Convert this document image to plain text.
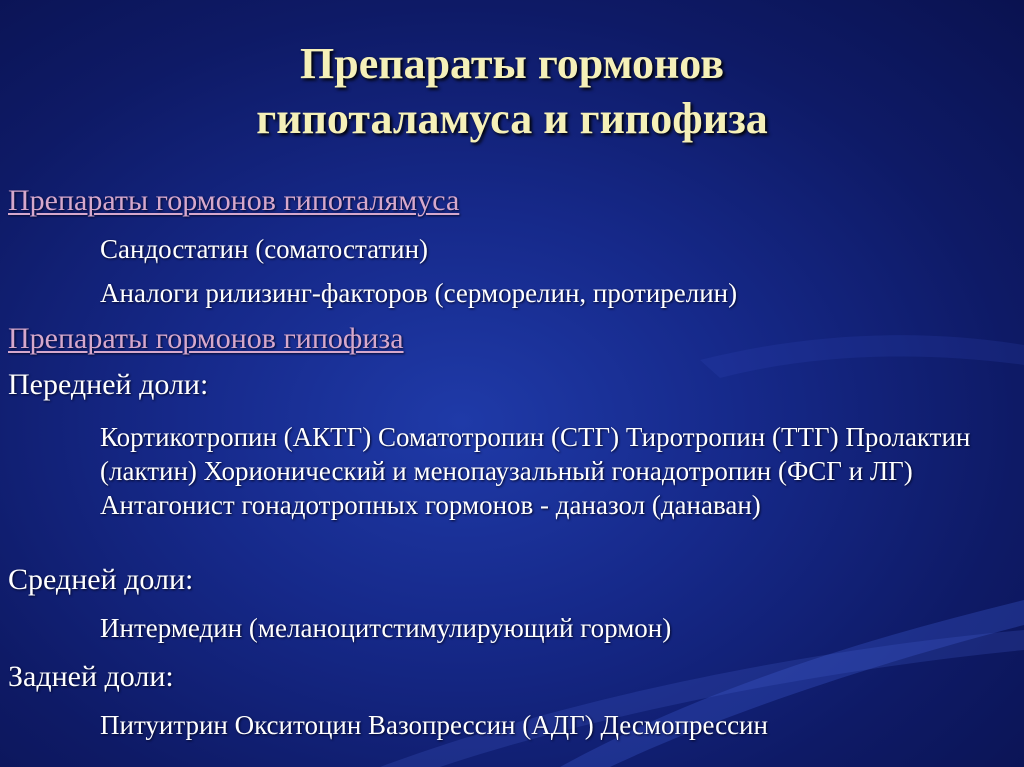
Препараты гормонов
гипоталамуса и гипофиза
Препараты гормонов гипоталямуса
Сандостатин (соматостатин)
Аналоги рилизинг-факторов (серморелин, протирелин)
Препараты гормонов гипофиза
Передней доли:
Кортикотропин (АКТГ) Соматотропин (СТГ) Тиротропин (ТТГ) Пролактин (лактин) Хорионический и менопаузальный гонадотропин (ФСГ и ЛГ) Антагонист гонадотропных гормонов - даназол (данаван)
Средней доли:
Интермедин (меланоцитстимулирующий гормон)
Задней доли:
Питуитрин Окситоцин Вазопрессин (АДГ) Десмопрессин
